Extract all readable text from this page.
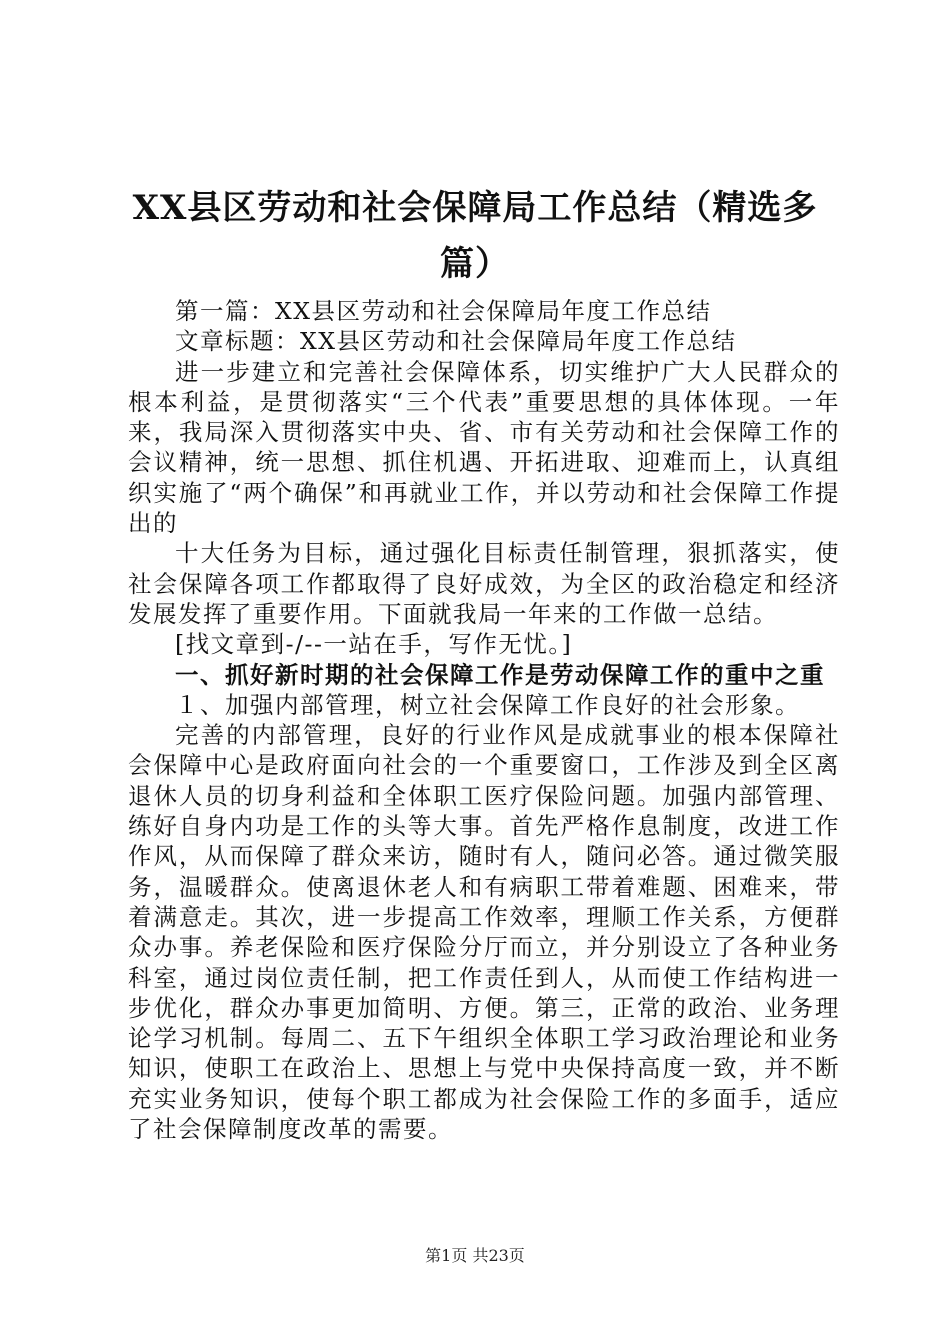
XX县区劳动和社会保障局工作总结（精选多篇）

第一篇：XX县区劳动和社会保障局年度工作总结

文章标题：XX县区劳动和社会保障局年度工作总结

进一步建立和完善社会保障体系，切实维护广大人民群众的根本利益，是贯彻落实“三个代表”重要思想的具体体现。一年来，我局深入贯彻落实中央、省、市有关劳动和社会保障工作的会议精神，统一思想、抓住机遇、开拓进取、迎难而上，认真组织实施了“两个确保”和再就业工作，并以劳动和社会保障工作提出的

十大任务为目标，通过强化目标责任制管理，狠抓落实，使社会保障各项工作都取得了良好成效，为全区的政治稳定和经济发展发挥了重要作用。下面就我局一年来的工作做一总结。

[找文章到-/--一站在手，写作无忧。]

一、抓好新时期的社会保障工作是劳动保障工作的重中之重

１、加强内部管理，树立社会保障工作良好的社会形象。

完善的内部管理，良好的行业作风是成就事业的根本保障社会保障中心是政府面向社会的一个重要窗口，工作涉及到全区离退休人员的切身利益和全体职工医疗保险问题。加强内部管理、练好自身内功是工作的头等大事。首先严格作息制度，改进工作作风，从而保障了群众来访，随时有人，随问必答。通过微笑服务，温暖群众。使离退休老人和有病职工带着难题、困难来，带着满意走。其次，进一步提高工作效率，理顺工作关系，方便群众办事。养老保险和医疗保险分厅而立，并分别设立了各种业务科室，通过岗位责任制，把工作责任到人，从而使工作结构进一步优化，群众办事更加简明、方便。第三，正常的政治、业务理论学习机制。每周二、五下午组织全体职工学习政治理论和业务知识，使职工在政治上、思想上与党中央保持高度一致，并不断充实业务知识，使每个职工都成为社会保险工作的多面手，适应了社会保障制度改革的需要。

第1页 共23页
